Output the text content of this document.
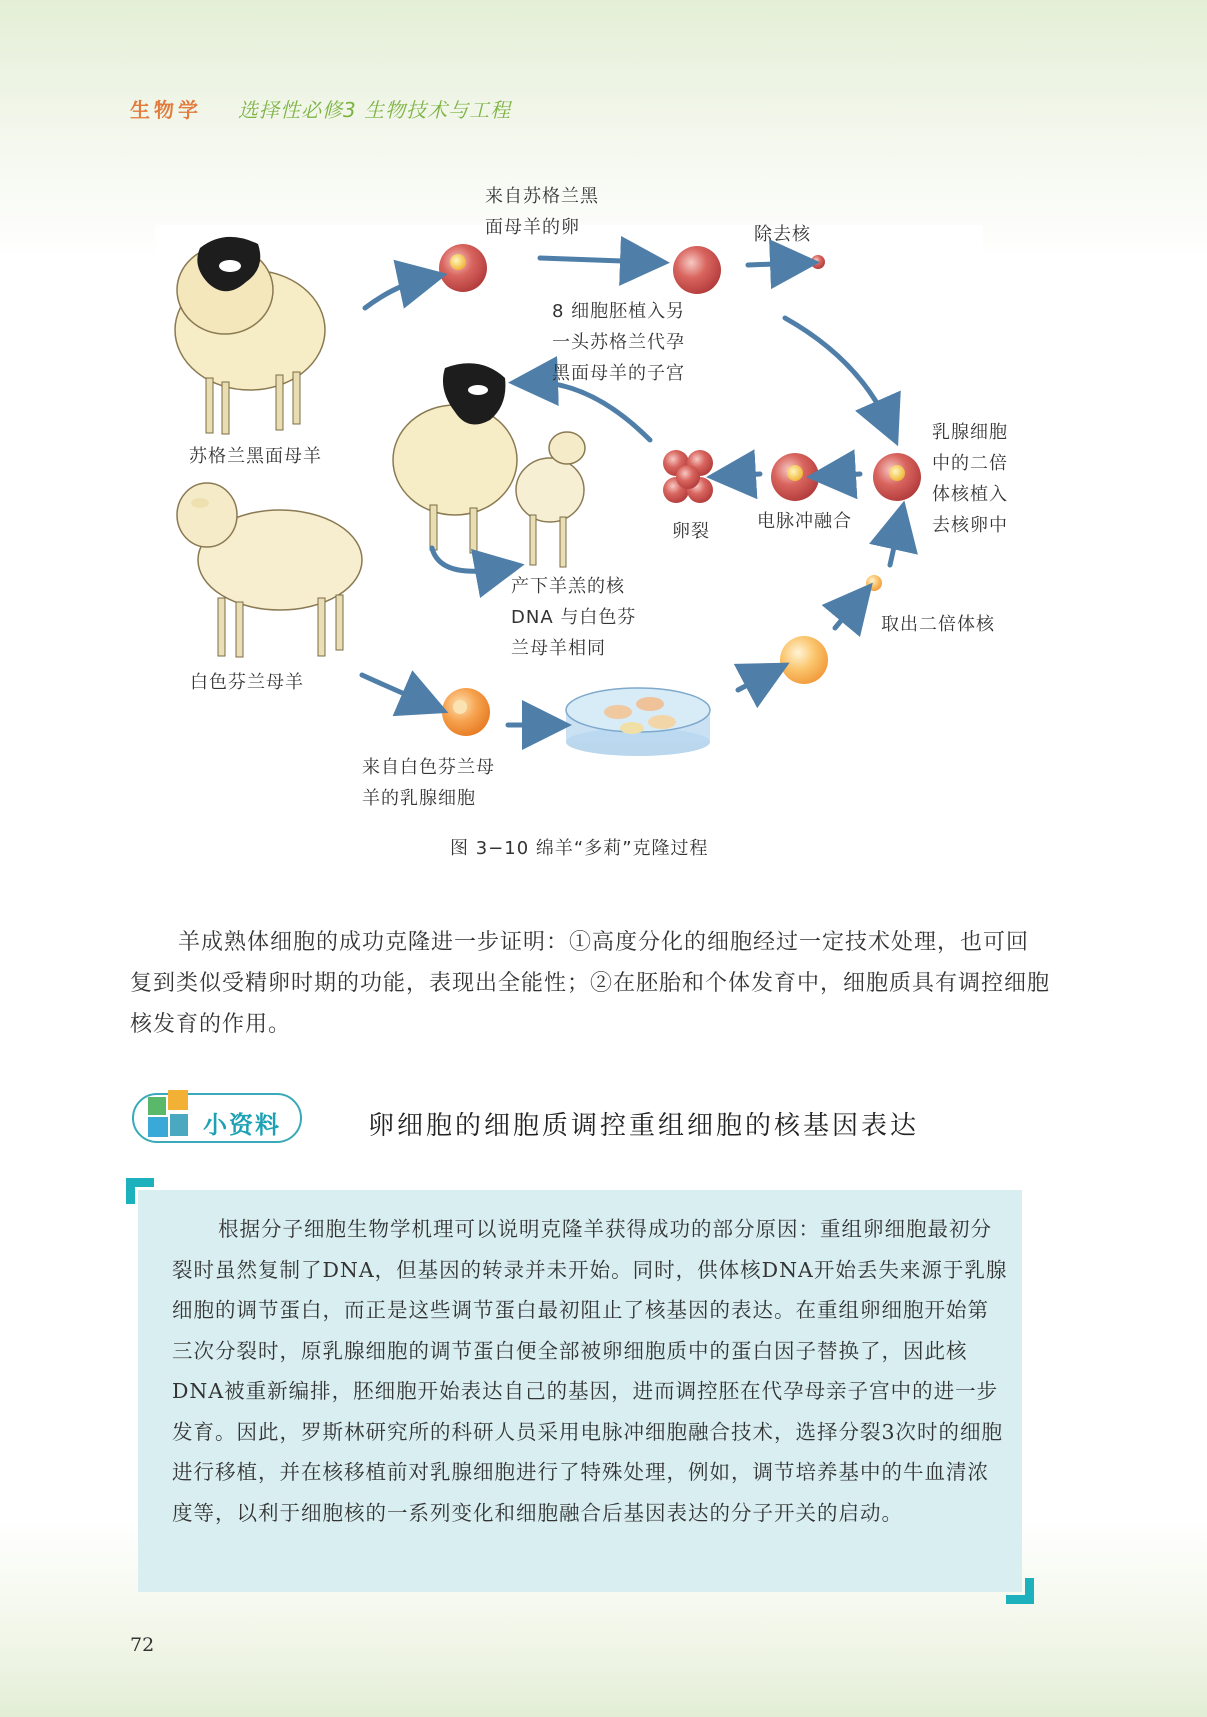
生物学 选择性必修3 生物技术与工程
来自苏格兰黑
面母羊的卵	除去核
8 细胞胚植入另
一头苏格兰代孕
黑面母羊的子宫
苏格兰黑面母羊
乳腺细胞
中的二倍
体核植入
去核卵中
卵裂	电脉冲融合
产下羊羔的核
DNA 与白色芬
兰母羊相同
取出二倍体核
白色芬兰母羊
来自白色芬兰母
羊的乳腺细胞
图 3−10 绵羊“多莉”克隆过程
羊成熟体细胞的成功克隆进一步证明：①高度分化的细胞经过一定技术处理，也可回复到类似受精卵时期的功能，表现出全能性；②在胚胎和个体发育中，细胞质具有调控细胞核发育的作用。
小资料	卵细胞的细胞质调控重组细胞的核基因表达
根据分子细胞生物学机理可以说明克隆羊获得成功的部分原因：重组卵细胞最初分裂时虽然复制了DNA，但基因的转录并未开始。同时，供体核DNA开始丢失来源于乳腺细胞的调节蛋白，而正是这些调节蛋白最初阻止了核基因的表达。在重组卵细胞开始第三次分裂时，原乳腺细胞的调节蛋白便全部被卵细胞质中的蛋白因子替换了，因此核DNA被重新编排，胚细胞开始表达自己的基因，进而调控胚在代孕母亲子宫中的进一步发育。因此，罗斯林研究所的科研人员采用电脉冲细胞融合技术，选择分裂3次时的细胞进行移植，并在核移植前对乳腺细胞进行了特殊处理，例如，调节培养基中的牛血清浓度等，以利于细胞核的一系列变化和细胞融合后基因表达的分子开关的启动。
72
